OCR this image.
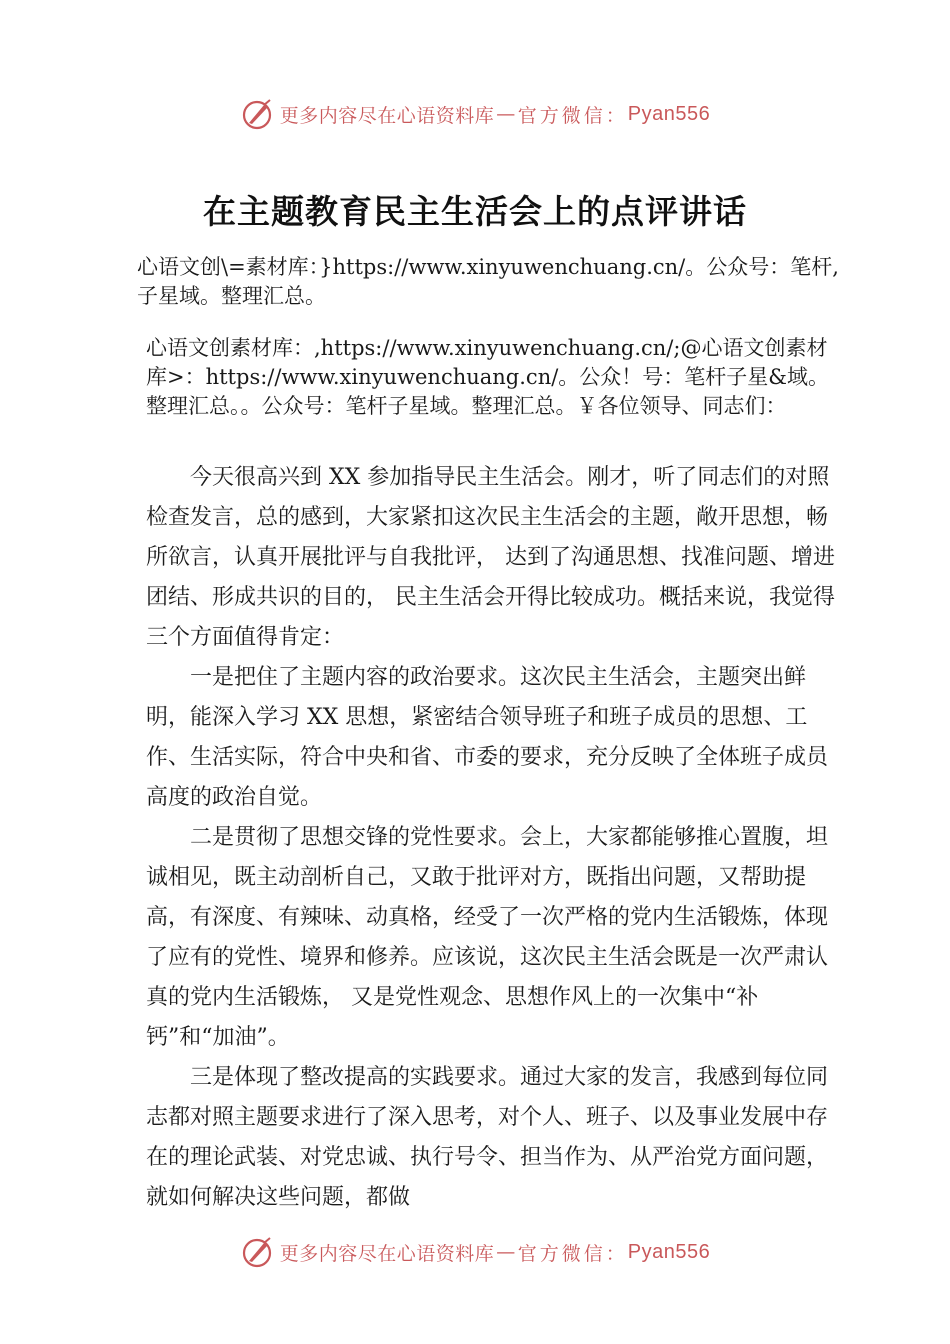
更多内容尽在心语资料库 — 官方微信： Pyan556
在主题教育民主生活会上的点评讲话
心语文创\=素材库：}https://www.xinyuwenchuang.cn/。公众号：笔杆,子星域。整理汇总。
心语文创素材库：,https://www.xinyuwenchuang.cn/;@心语文创素材库>：https://www.xinyuwenchuang.cn/。公众！号：笔杆子星&域。整理汇总。。公众号：笔杆子星域。整理汇总。￥各位领导、同志们：

今天很高兴到 XX 参加指导民主生活会。刚才，听了同志们的对照检查发言，总的感到，大家紧扣这次民主生活会的主题，敞开思想，畅所欲言，认真开展批评与自我批评， 达到了沟通思想、找准问题、增进团结、形成共识的目的， 民主生活会开得比较成功。概括来说，我觉得三个方面值得肯定：

一是把住了主题内容的政治要求。这次民主生活会，主题突出鲜明，能深入学习 XX 思想，紧密结合领导班子和班子成员的思想、工作、生活实际，符合中央和省、市委的要求，充分反映了全体班子成员高度的政治自觉。

二是贯彻了思想交锋的党性要求。会上，大家都能够推心置腹，坦诚相见，既主动剖析自己，又敢于批评对方，既指出问题，又帮助提高，有深度、有辣味、动真格，经受了一次严格的党内生活锻炼，体现了应有的党性、境界和修养。应该说，这次民主生活会既是一次严肃认真的党内生活锻炼， 又是党性观念、思想作风上的一次集中“补钙”和“加油”。

三是体现了整改提高的实践要求。通过大家的发言，我感到每位同志都对照主题要求进行了深入思考，对个人、班子、以及事业发展中存在的理论武装、对党忠诚、执行号令、担当作为、从严治党方面问题，就如何解决这些问题，都做

更多内容尽在心语资料库 — 官方微信： Pyan556
